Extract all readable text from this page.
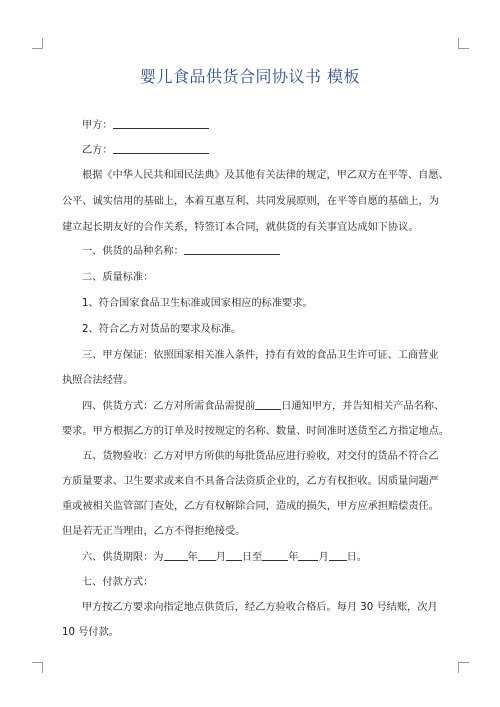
婴儿食品供货合同协议书 模板
甲方：
乙方：
根据《中华人民共和国民法典》及其他有关法律的规定，甲乙双方在平等、自愿、
公平、诚实信用的基础上，本着互惠互利、共同发展原则，在平等自愿的基础上，为
建立起长期友好的合作关系，特签订本合同，就供货的有关事宜达成如下协议。
一、供货的品种名称：
二、质量标准：
1、符合国家食品卫生标准或国家相应的标准要求。
2、符合乙方对货品的要求及标准。
三、甲方保证：依照国家相关准入条件，持有有效的食品卫生许可证、工商营业
执照合法经营。
四、供货方式：乙方对所需食品需提前	日通知甲方，并告知相关产品名称、
要求。甲方根据乙方的订单及时按规定的名称、数量、时间准时送货至乙方指定地点。
五、货物验收：乙方对甲方所供的每批货品应进行验收，对交付的货品不符合乙
方质量要求、卫生要求或来自不具备合法资质企业的，乙方有权拒收。因质量问题严
重或被相关监管部门查处，乙方有权解除合同，造成的损失，甲方应承担赔偿责任。
但是若无正当理由，乙方不得拒绝接受。
六、供货期限：为 年 月 日至	年 月 日。
七、付款方式：
甲方按乙方要求向指定地点供货后，经乙方验收合格后。每月 30 号结账，次月
10 号付款。
